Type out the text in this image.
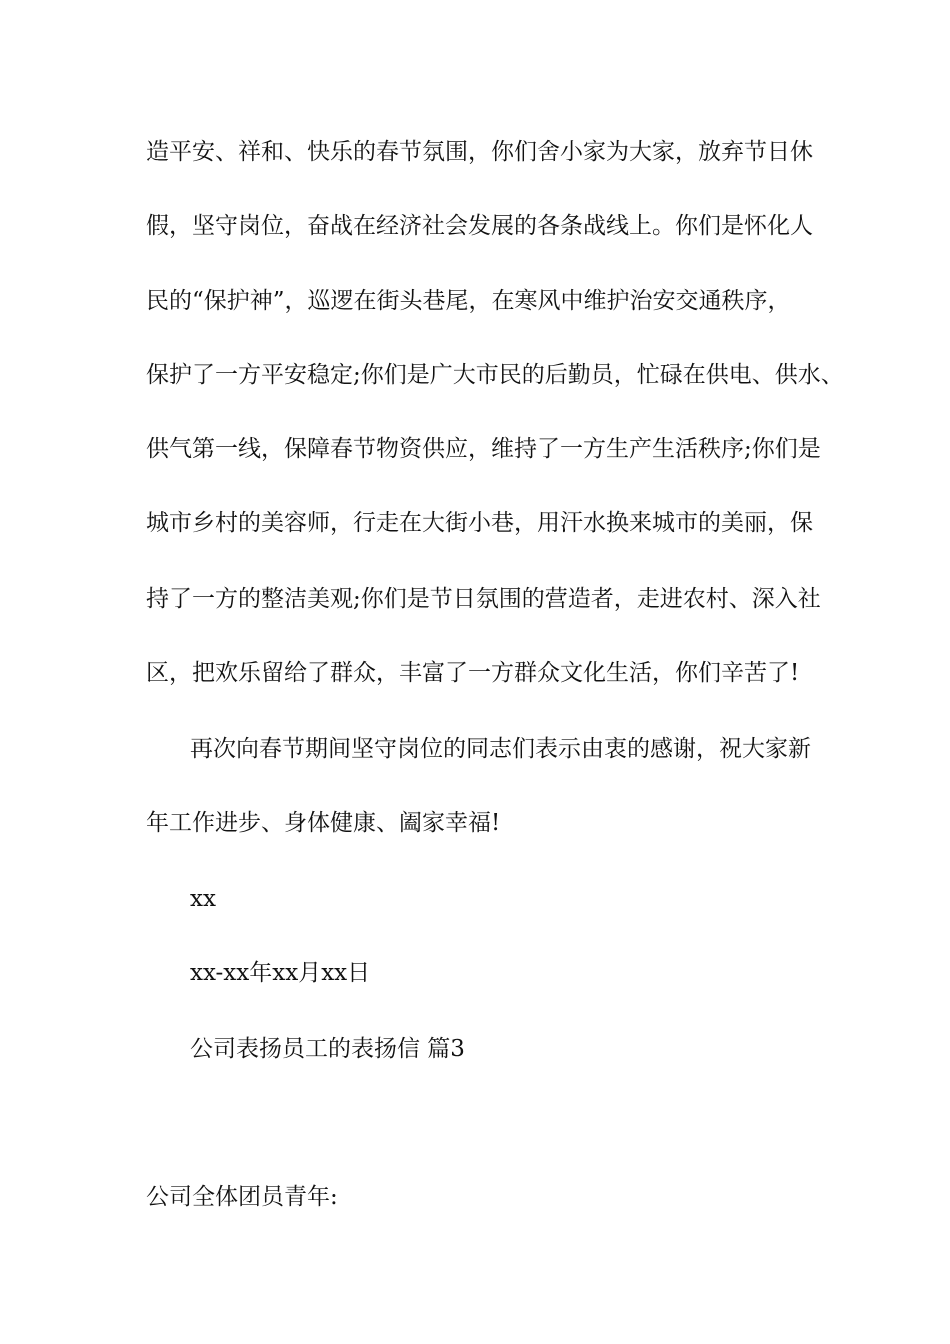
造平安、祥和、快乐的春节氛围，你们舍小家为大家，放弃节日休
假，坚守岗位，奋战在经济社会发展的各条战线上。你们是怀化人
民的“保护神”，巡逻在街头巷尾，在寒风中维护治安交通秩序，
保护了一方平安稳定;你们是广大市民的后勤员，忙碌在供电、供水、
供气第一线，保障春节物资供应，维持了一方生产生活秩序;你们是
城市乡村的美容师，行走在大街小巷，用汗水换来城市的美丽，保
持了一方的整洁美观;你们是节日氛围的营造者，走进农村、深入社
区，把欢乐留给了群众，丰富了一方群众文化生活，你们辛苦了!
再次向春节期间坚守岗位的同志们表示由衷的感谢，祝大家新
年工作进步、身体健康、阖家幸福!
xx
xx-xx年xx月xx日
公司表扬员工的表扬信 篇3
公司全体团员青年:
